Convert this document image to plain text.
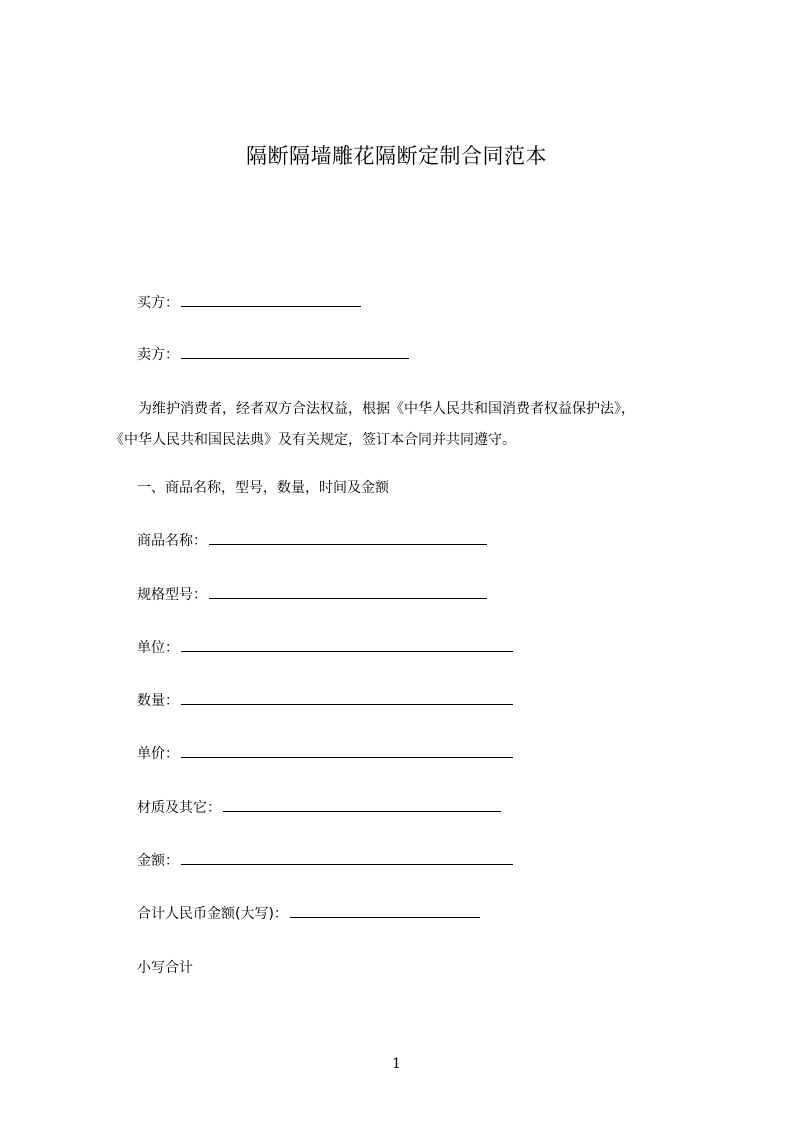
隔断隔墙雕花隔断定制合同范本
买方：
卖方：
为维护消费者，经者双方合法权益，根据《中华人民共和国消费者权益保护法》，
《中华人民共和国民法典》及有关规定，签订本合同并共同遵守。
一、商品名称，型号，数量，时间及金额
商品名称：
规格型号：
单位：
数量：
单价：
材质及其它：
金额：
合计人民币金额(大写)：
小写合计
1
